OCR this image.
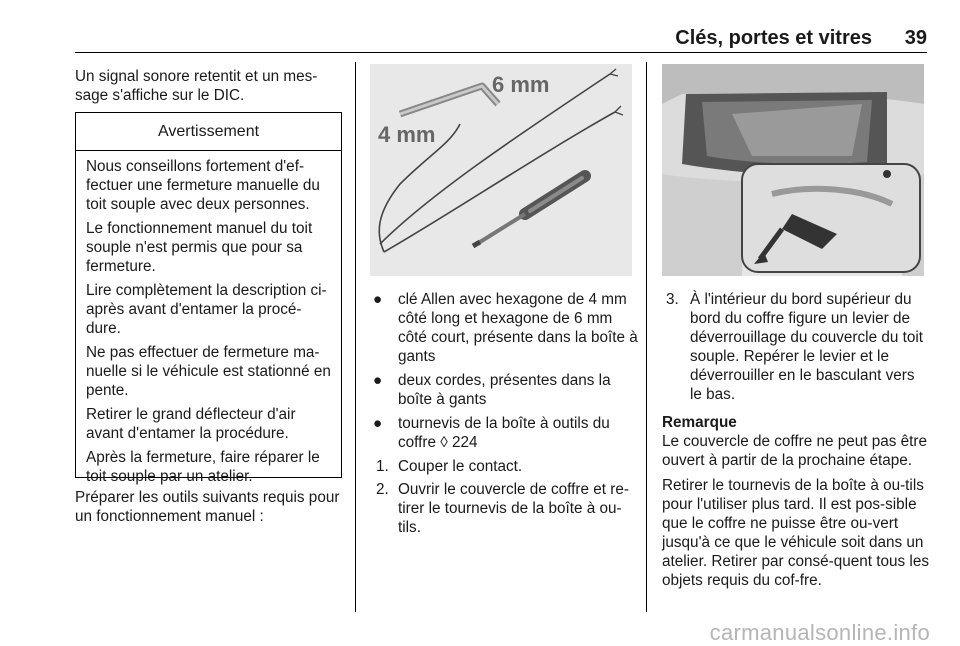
Clés, portes et vitres 39

Un signal sonore retentit et un mes-sage s'affiche sur le DIC.

Avertissement

Nous conseillons fortement d'ef-fectuer une fermeture manuelle du toit souple avec deux personnes.

Le fonctionnement manuel du toit souple n'est permis que pour sa fermeture.

Lire complètement la description ci-après avant d'entamer la procé-dure.

Ne pas effectuer de fermeture ma-nuelle si le véhicule est stationné en pente.

Retirer le grand déflecteur d'air avant d'entamer la procédure.

Après la fermeture, faire réparer le toit souple par un atelier.

Préparer les outils suivants requis pour un fonctionnement manuel :

6 mm
4 mm
● clé Allen avec hexagone de 4 mm côté long et hexagone de 6 mm côté court, présente dans la boîte à gants
● deux cordes, présentes dans la boîte à gants
● tournevis de la boîte à outils du coffre ◊ 224
1. Couper le contact.
2. Ouvrir le couvercle de coffre et re-tirer le tournevis de la boîte à ou-tils.
3. À l'intérieur du bord supérieur du bord du coffre figure un levier de déverrouillage du couvercle du toit souple. Repérer le levier et le déverrouiller en le basculant vers le bas.

Remarque

Le couvercle de coffre ne peut pas être ouvert à partir de la prochaine étape.

Retirer le tournevis de la boîte à ou-tils pour l'utiliser plus tard. Il est pos-sible que le coffre ne puisse être ou-vert jusqu'à ce que le véhicule soit dans un atelier. Retirer par consé-quent tous les objets requis du cof-fre.

carmanualsonline.info
